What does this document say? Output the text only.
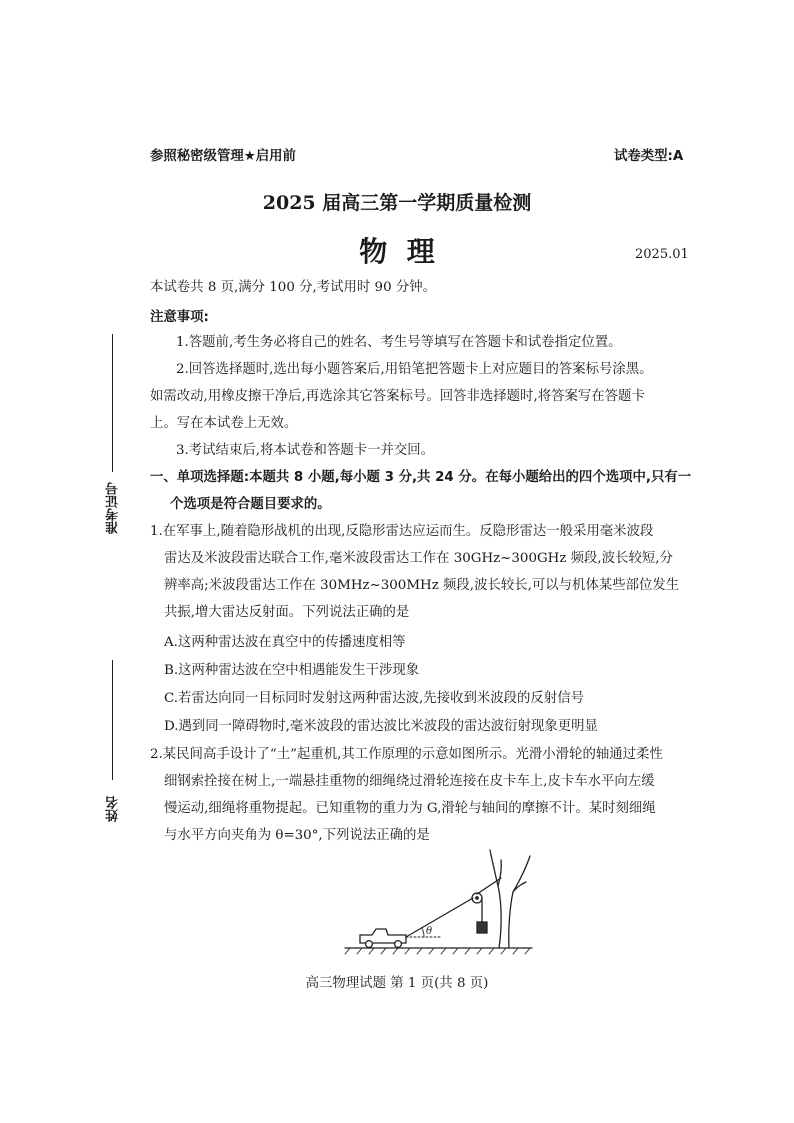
参照秘密级管理★启用前	试卷类型:A
2025 届高三第一学期质量检测
物  理	2025.01
本试卷共 8 页,满分 100 分,考试用时 90 分钟。
注意事项:
1.答题前,考生务必将自己的姓名、考生号等填写在答题卡和试卷指定位置。
2.回答选择题时,选出每小题答案后,用铅笔把答题卡上对应题目的答案标号涂黑。
如需改动,用橡皮擦干净后,再选涂其它答案标号。回答非选择题时,将答案写在答题卡
上。写在本试卷上无效。
3.考试结束后,将本试卷和答题卡一并交回。
一、单项选择题:本题共 8 小题,每小题 3 分,共 24 分。在每小题给出的四个选项中,只有一
个选项是符合题目要求的。
1.在军事上,随着隐形战机的出现,反隐形雷达应运而生。反隐形雷达一般采用毫米波段
雷达及米波段雷达联合工作,毫米波段雷达工作在 30GHz~300GHz 频段,波长较短,分
辨率高;米波段雷达工作在 30MHz~300MHz 频段,波长较长,可以与机体某些部位发生
共振,增大雷达反射面。下列说法正确的是
A.这两种雷达波在真空中的传播速度相等
B.这两种雷达波在空中相遇能发生干涉现象
C.若雷达向同一目标同时发射这两种雷达波,先接收到米波段的反射信号
D.遇到同一障碍物时,毫米波段的雷达波比米波段的雷达波衍射现象更明显
2.某民间高手设计了“土”起重机,其工作原理的示意如图所示。光滑小滑轮的轴通过柔性
细钢索拴接在树上,一端悬挂重物的细绳绕过滑轮连接在皮卡车上,皮卡车水平向左缓
慢运动,细绳将重物提起。已知重物的重力为 G,滑轮与轴间的摩擦不计。某时刻细绳
与水平方向夹角为 θ=30°,下列说法正确的是
θ
高三物理试题 第 1 页(共 8 页)
准考证号
姓名
